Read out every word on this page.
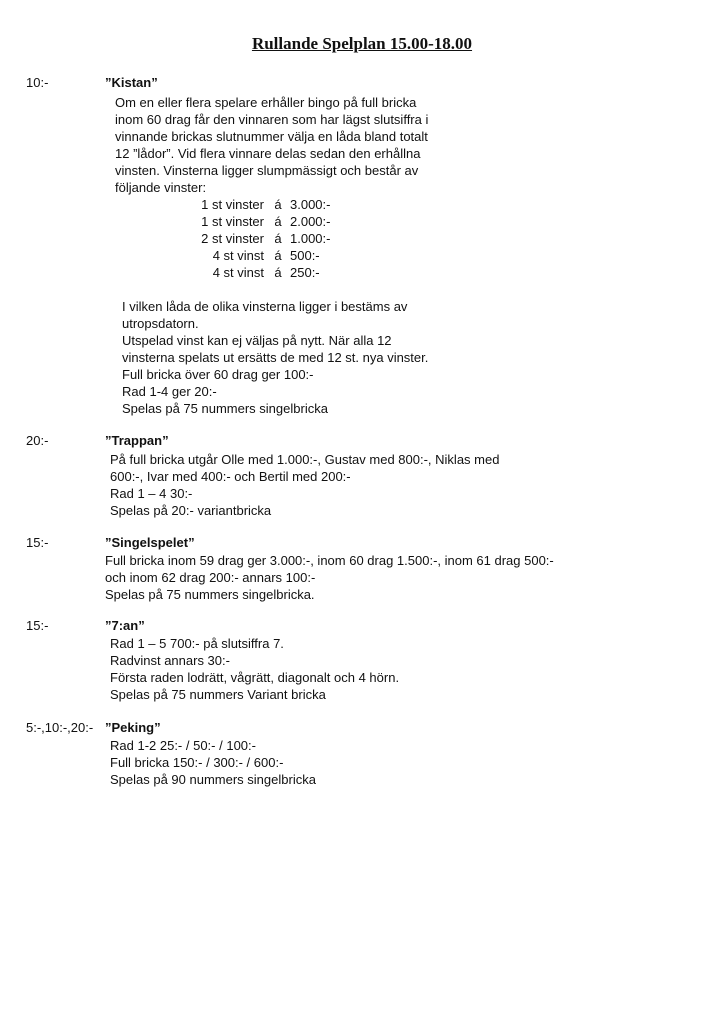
Rullande Spelplan 15.00-18.00
10:-	”Kistan”
Om en eller flera spelare erhåller bingo på full bricka
inom 60 drag får den vinnaren som har lägst slutsiffra i
vinnande brickas slutnummer välja en låda bland totalt
12 ”lådor”. Vid flera vinnare delas sedan den erhållna
vinsten. Vinsterna ligger slumpmässigt och består av
följande vinster:
1 st vinster á 3.000:-
1 st vinster á 2.000:-
2 st vinster á 1.000:-
4 st vinst á 500:-
4 st vinst á 250:-
I vilken låda de olika vinsterna ligger i bestäms av
utropsdatorn.
Utspelad vinst kan ej väljas på nytt. När alla 12
vinsterna spelats ut ersätts de med 12 st. nya vinster.
Full bricka över 60 drag ger 100:-
Rad 1-4 ger 20:-
Spelas på 75 nummers singelbricka
20:-	”Trappan”
På full bricka utgår Olle med 1.000:-, Gustav med 800:-, Niklas med
600:-, Ivar med 400:- och Bertil med 200:-
Rad 1 – 4 30:-
Spelas på 20:- variantbricka
15:-	”Singelspelet”
Full bricka inom 59 drag ger 3.000:-, inom 60 drag 1.500:-, inom 61 drag 500:-
och inom 62 drag 200:- annars 100:-
Spelas på 75 nummers singelbricka.
15:-	”7:an”
Rad 1 – 5 700:- på slutsiffra 7.
Radvinst annars 30:-
Första raden lodrätt, vågrätt, diagonalt och 4 hörn.
Spelas på 75 nummers Variant bricka
5:-,10:-,20:- ”Peking”
Rad 1-2 25:- / 50:- / 100:-
Full bricka 150:- / 300:- / 600:-
Spelas på 90 nummers singelbricka
